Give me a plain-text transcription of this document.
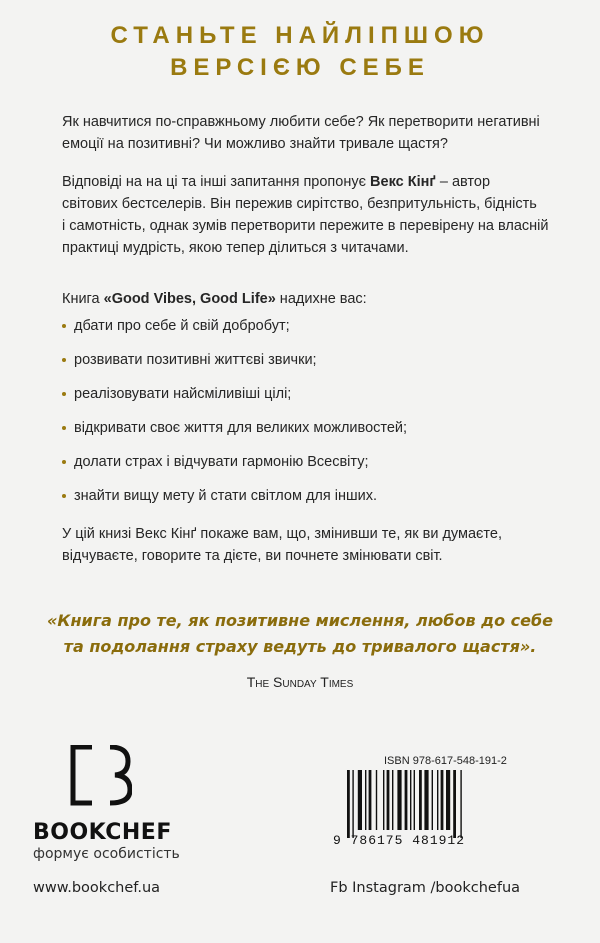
СТАНЬТЕ НАЙЛІПШОЮ
ВЕРСІЄЮ СЕБЕ
Як навчитися по-справжньому любити себе? Як перетворити негативні
емоції на позитивні? Чи можливо знайти тривале щастя?
Відповіді на на ці та інші запитання пропонує Векс Кінґ – автор
світових бестселерів. Він пережив сирітство, безпритульність, бідність
і самотність, однак зумів перетворити пережите в перевірену на власній
практиці мудрість, якою тепер ділиться з читачами.
Книга «Good Vibes, Good Life» надихне вас:
дбати про себе й свій добробут;
розвивати позитивні життєві звички;
реалізовувати найсміливіші цілі;
відкривати своє життя для великих можливостей;
долати страх і відчувати гармонію Всесвіту;
знайти вищу мету й стати світлом для інших.
У цій книзі Векс Кінґ покаже вам, що, змінивши те, як ви думаєте,
відчуваєте, говорите та дієте, ви почнете змінювати світ.
«Книга про те, як позитивне мислення, любов до себе
та подолання страху ведуть до тривалого щастя».
The Sunday Times
BOOKCHEF
формує особистість
www.bookchef.ua
ISBN 978-617-548-191-2
9 786175 481912
Fb Instagram /bookchefua
